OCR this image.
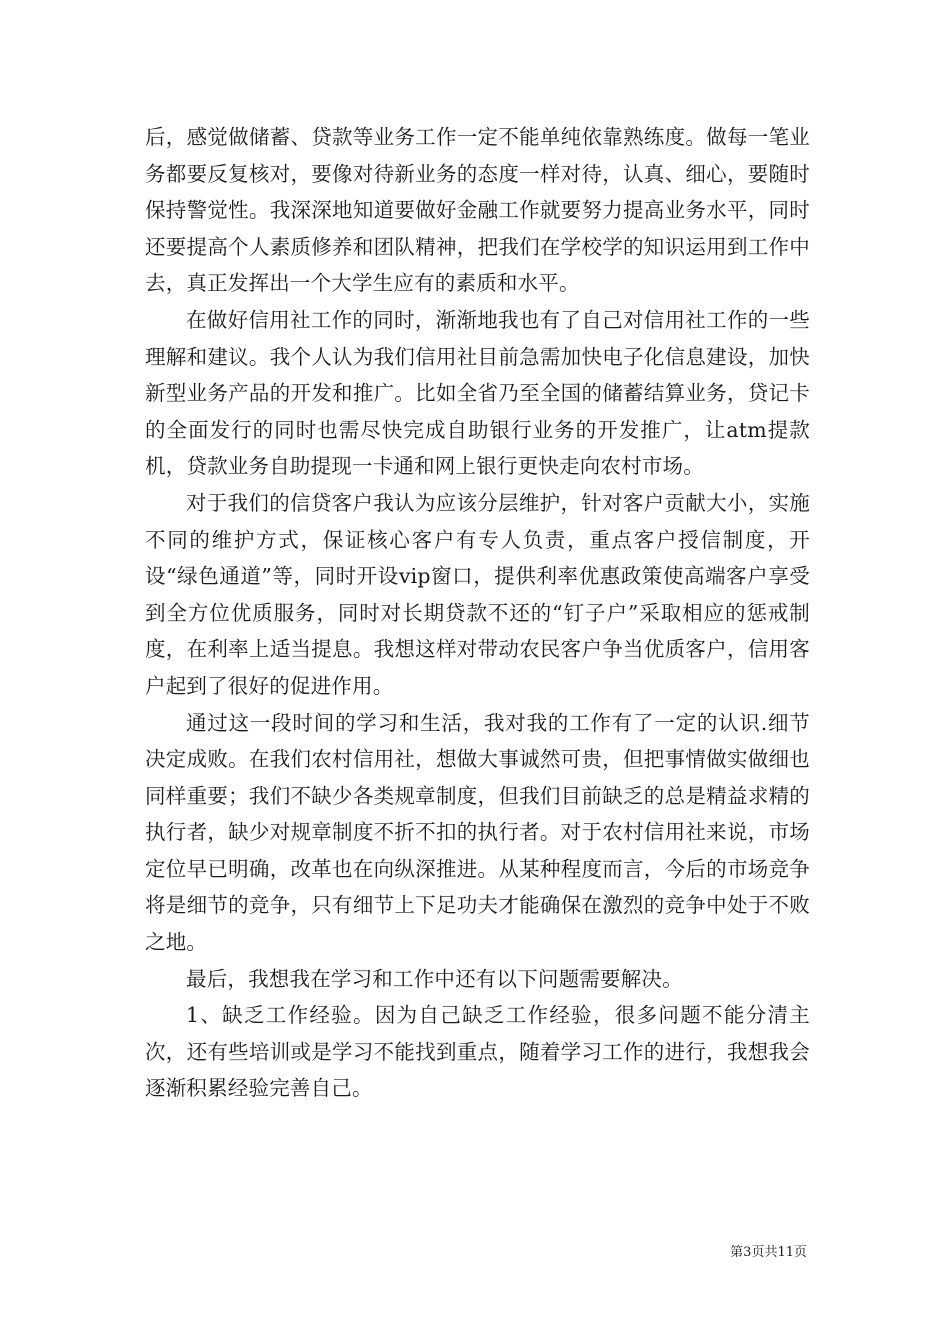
后，感觉做储蓄、贷款等业务工作一定不能单纯依靠熟练度。做每一笔业务都要反复核对，要像对待新业务的态度一样对待，认真、细心，要随时保持警觉性。我深深地知道要做好金融工作就要努力提高业务水平，同时还要提高个人素质修养和团队精神，把我们在学校学的知识运用到工作中去，真正发挥出一个大学生应有的素质和水平。

在做好信用社工作的同时，渐渐地我也有了自己对信用社工作的一些理解和建议。我个人认为我们信用社目前急需加快电子化信息建设，加快新型业务产品的开发和推广。比如全省乃至全国的储蓄结算业务，贷记卡的全面发行的同时也需尽快完成自助银行业务的开发推广，让atm提款机，贷款业务自助提现一卡通和网上银行更快走向农村市场。

对于我们的信贷客户我认为应该分层维护，针对客户贡献大小，实施不同的维护方式，保证核心客户有专人负责，重点客户授信制度，开设“绿色通道”等，同时开设vip窗口，提供利率优惠政策使高端客户享受到全方位优质服务，同时对长期贷款不还的“钉子户”采取相应的惩戒制度，在利率上适当提息。我想这样对带动农民客户争当优质客户，信用客户起到了很好的促进作用。

通过这一段时间的学习和生活，我对我的工作有了一定的认识.细节决定成败。在我们农村信用社，想做大事诚然可贵，但把事情做实做细也同样重要；我们不缺少各类规章制度，但我们目前缺乏的总是精益求精的执行者，缺少对规章制度不折不扣的执行者。对于农村信用社来说，市场定位早已明确，改革也在向纵深推进。从某种程度而言，今后的市场竞争将是细节的竞争，只有细节上下足功夫才能确保在激烈的竞争中处于不败之地。

最后，我想我在学习和工作中还有以下问题需要解决。

1、缺乏工作经验。因为自己缺乏工作经验，很多问题不能分清主次，还有些培训或是学习不能找到重点，随着学习工作的进行，我想我会逐渐积累经验完善自己。

第3页共11页
